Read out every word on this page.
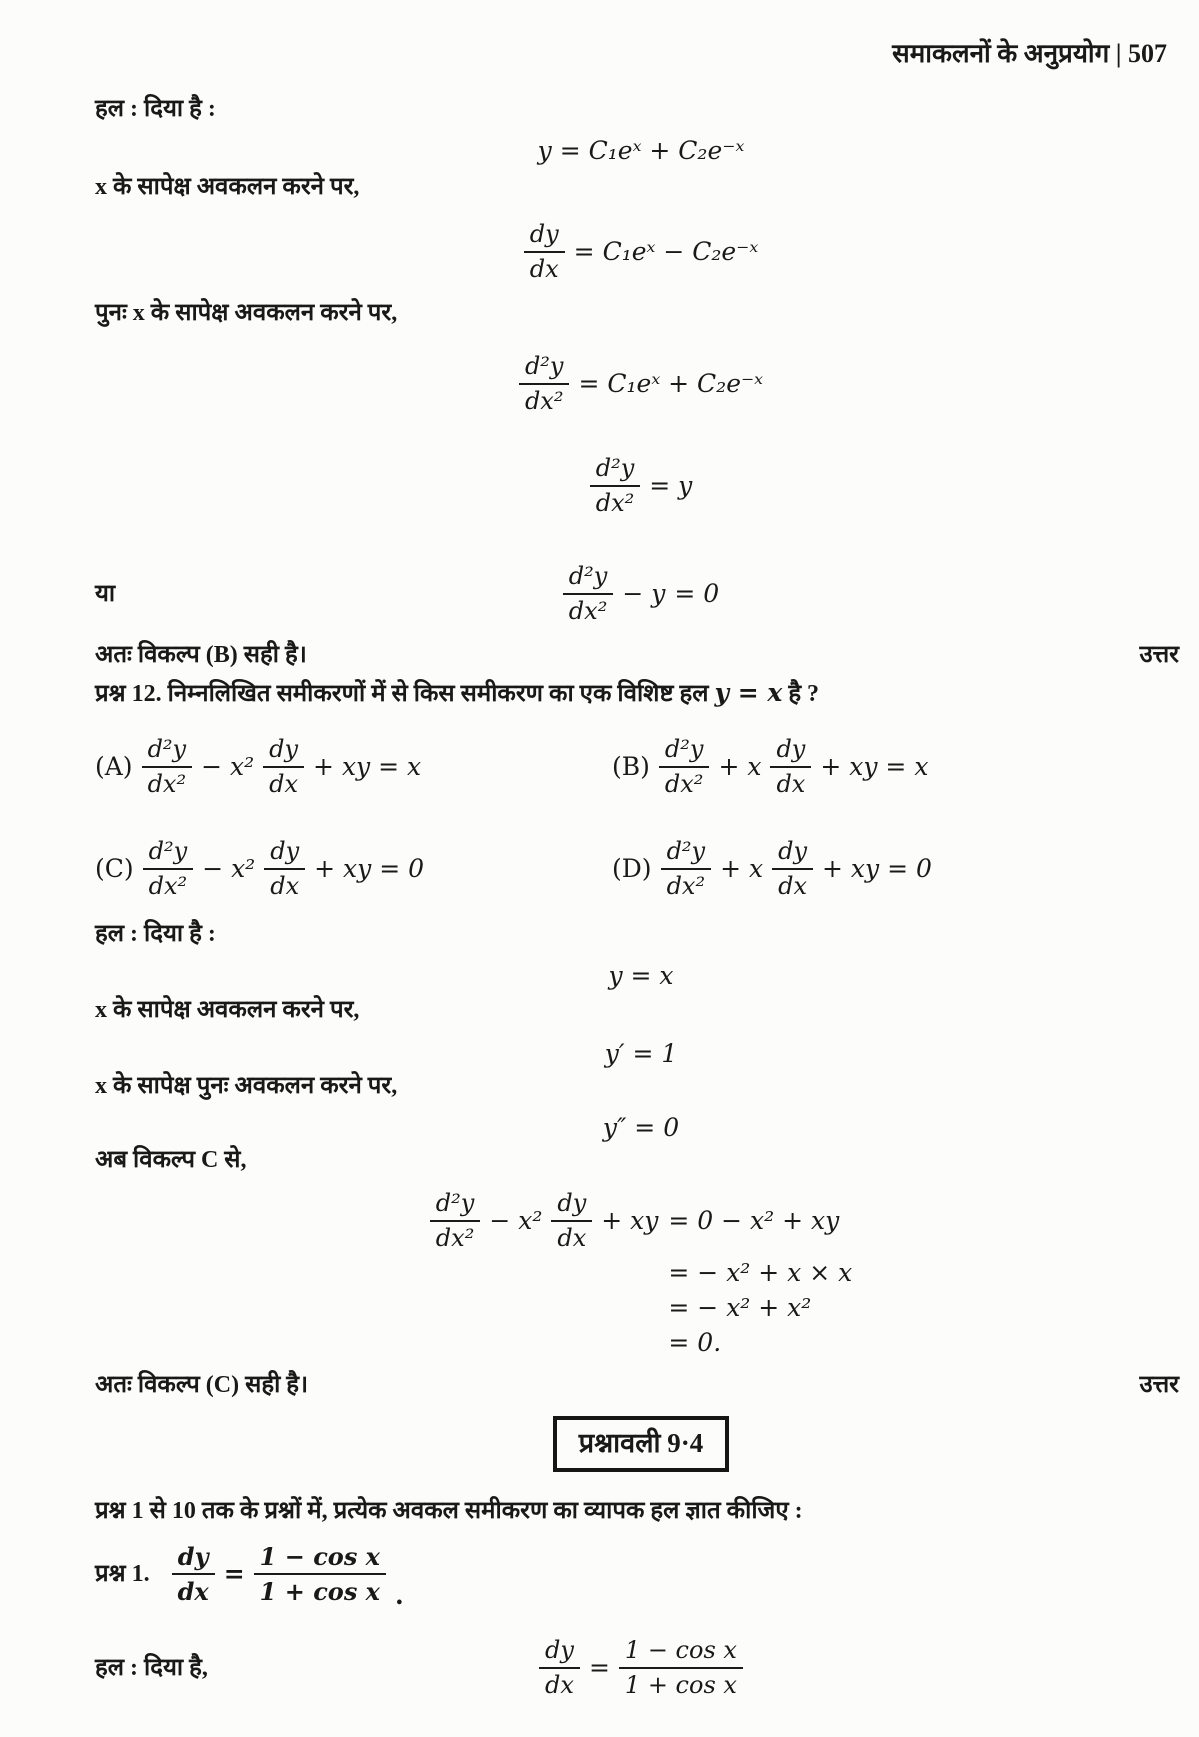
समाकलनों के अनुप्रयोग | 507

हल : दिया है :

y = C₁eˣ + C₂e⁻ˣ

x के सापेक्ष अवकलन करने पर,

$\frac{dy}{dx}$ = C₁eˣ − C₂e⁻ˣ

पुनः x के सापेक्ष अवकलन करने पर,

$\frac{\text{d²y}}{\text{dx²}}$ = C₁eˣ + C₂e⁻ˣ
$\frac{\text{d²y}}{\text{dx²}} = y$
या	$\frac{\text{d²y}}{\text{dx²}} - y = 0$
अतः विकल्प (B) सही है।	उत्तर

प्रश्न 12. निम्नलिखित समीकरणों में से किस समीकरण का एक विशिष्ट हल y = x है ?

$(A) \frac{\text{d²y}}{\text{dx²}} - x^2 \frac{dy}{dx}$ + xy = x	$(B) \frac{\text{d²y}}{\text{dx²}} + x \frac{dy}{dx}$ + xy = x
$(C) \frac{\text{d²y}}{\text{dx²}} - x^2 \frac{dy}{dx}$ + xy = 0	$(D) \frac{\text{d²y}}{\text{dx²}} + x \frac{dy}{dx}$ + xy = 0

हल : दिया है :

y = x

x के सापेक्ष अवकलन करने पर,

y′ = 1

x के सापेक्ष पुनः अवकलन करने पर,

y″ = 0

अब विकल्प C से,

$\frac{\text{d²y}}{\text{dx²}} - x^2 \frac{dy}{dx}$ + xy = 0 − x² + xy
= − x² + x × x
= − x² + x²
= 0.
अतः विकल्प (C) सही है।	उत्तर
प्रश्नावली 9·4

प्रश्न 1 से 10 तक के प्रश्नों में, प्रत्येक अवकल समीकरण का व्यापक हल ज्ञात कीजिए :

प्रश्न 1. $\frac{dy}{dx} = \frac{\text{1 − cos x}}{\text{1 + cos x}}$ .
हल : दिया है,	$\frac{dy}{dx} = \frac{\text{1 − cos x}}{\text{1 + cos x}}$
